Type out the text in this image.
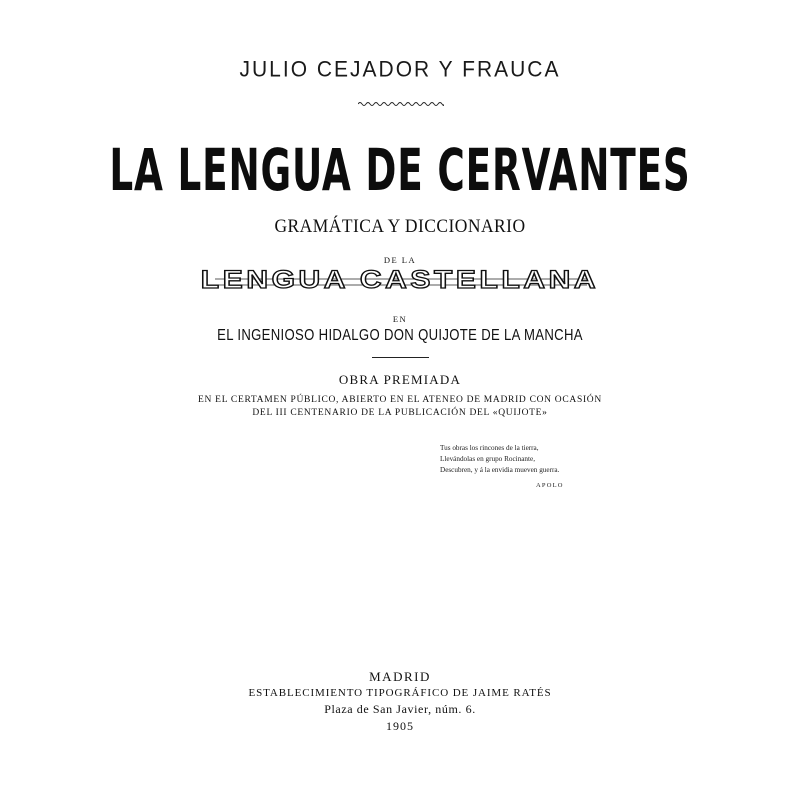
JULIO CEJADOR Y FRAUCA
LA LENGUA DE CERVANTES
GRAMÁTICA Y DICCIONARIO
DE LA
LENGUA CASTELLANA
EN
EL INGENIOSO HIDALGO DON QUIJOTE DE LA MANCHA
OBRA PREMIADA
EN EL CERTAMEN PÚBLICO, ABIERTO EN EL ATENEO DE MADRID CON OCASIÓN
DEL III CENTENARIO DE LA PUBLICACIÓN DEL «QUIJOTE»
Tus obras los rincones de la tierra,
Llevándolas en grupo Rocinante,
Descubren, y á la envidia mueven guerra.
APOLO
MADRID
ESTABLECIMIENTO TIPOGRÁFICO DE JAIME RATÉS
Plaza de San Javier, núm. 6.
1905
